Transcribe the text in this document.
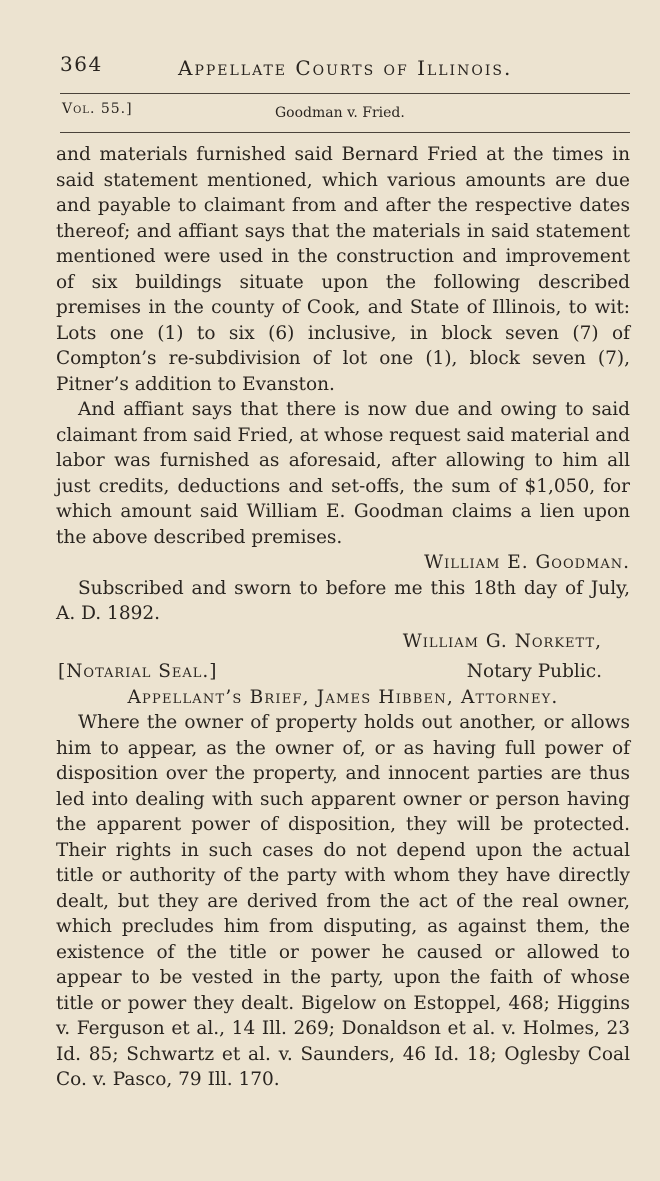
364	Appellate Courts of Illinois.
Vol. 55.]	Goodman v. Fried.

and materials furnished said Bernard Fried at the times in said statement mentioned, which various amounts are due and payable to claimant from and after the respective dates thereof; and affiant says that the materials in said statement mentioned were used in the construction and improvement of six buildings situate upon the following described premises in the county of Cook, and State of Illinois, to wit: Lots one (1) to six (6) inclusive, in block seven (7) of Compton’s re-subdivision of lot one (1), block seven (7), Pitner’s addition to Evanston.

And affiant says that there is now due and owing to said claimant from said Fried, at whose request said material and labor was furnished as aforesaid, after allowing to him all just credits, deductions and set-offs, the sum of $1,050, for which amount said William E. Goodman claims a lien upon the above described premises.

William E. Goodman.

Subscribed and sworn to before me this 18th day of July, A. D. 1892.

William G. Norkett,
[Notarial Seal.]	Notary Public.

Appellant’s Brief, James Hibben, Attorney.

Where the owner of property holds out another, or allows him to appear, as the owner of, or as having full power of disposition over the property, and innocent parties are thus led into dealing with such apparent owner or person having the apparent power of disposition, they will be protected. Their rights in such cases do not depend upon the actual title or authority of the party with whom they have directly dealt, but they are derived from the act of the real owner, which precludes him from disputing, as against them, the existence of the title or power he caused or allowed to appear to be vested in the party, upon the faith of whose title or power they dealt. Bigelow on Estoppel, 468; Higgins v. Ferguson et al., 14 Ill. 269; Donaldson et al. v. Holmes, 23 Id. 85; Schwartz et al. v. Saunders, 46 Id. 18; Oglesby Coal Co. v. Pasco, 79 Ill. 170.
